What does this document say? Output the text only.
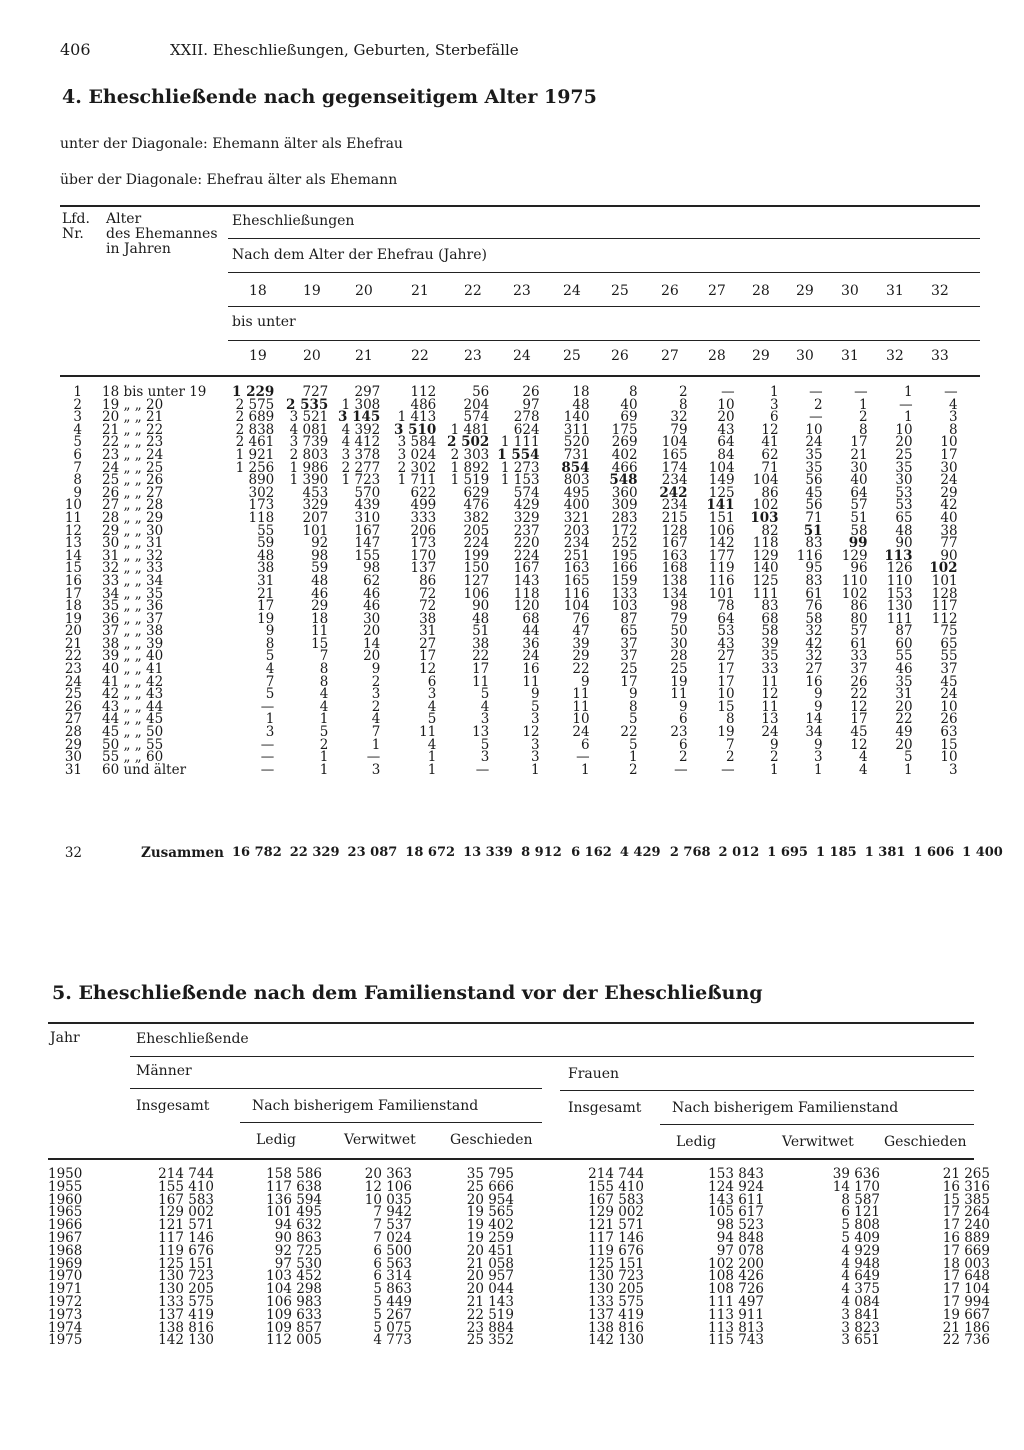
406	XXII. Eheschließungen, Geburten, Sterbefälle
4. Eheschließende nach gegenseitigem Alter 1975
unter der Diagonale: Ehemann älter als Ehefrau
über der Diagonale: Ehefrau älter als Ehemann
Lfd.
Nr.
Alter
des Ehemannes
in Jahren
Eheschließungen
Nach dem Alter der Ehefrau (Jahre)
18	19 20	21	22 23 24 25 26 27 28 29 30 31 32
bis unter
19	20 21	22	23 24 25 26 27 28 29 30 31 32 33
1	18 bis unter 19	1 229	727	297	112	56	26	18	8	2	—	1	—	—	1	—
2	19 „ „ 20	2 575	2 535	1 308	486	204	97	48	40	8	10	3	2	1	—	4
3	20 „ „ 21	2 689	3 521	3 145	1 413	574	278	140	69	32	20	6	—	2	1	3
4	21 „ „ 22	2 838	4 081	4 392	3 510	1 481	624	311	175	79	43	12	10	8	10	8
5	22 „ „ 23	2 461	3 739	4 412	3 584	2 502	1 111	520	269	104	64	41	24	17	20	10
6	23 „ „ 24	1 921	2 803	3 378	3 024	2 303	1 554	731	402	165	84	62	35	21	25	17
7	24 „ „ 25	1 256	1 986	2 277	2 302	1 892	1 273	854	466	174	104	71	35	30	35	30
8	25 „ „ 26	890	1 390	1 723	1 711	1 519	1 153	803	548	234	149	104	56	40	30	24
9	26 „ „ 27	302	453	570	622	629	574	495	360	242	125	86	45	64	53	29
10	27 „ „ 28	173	329	439	499	476	429	400	309	234	141	102	56	57	53	42
11	28 „ „ 29	118	207	310	333	382	329	321	283	215	151	103	71	51	65	40
12	29 „ „ 30	55	101	167	206	205	237	203	172	128	106	82	51	58	48	38
13	30 „ „ 31	59	92	147	173	224	220	234	252	167	142	118	83	99	90	77
14	31 „ „ 32	48	98	155	170	199	224	251	195	163	177	129	116	129	113	90
15	32 „ „ 33	38	59	98	137	150	167	163	166	168	119	140	95	96	126	102
16	33 „ „ 34	31	48	62	86	127	143	165	159	138	116	125	83	110	110	101
17	34 „ „ 35	21	46	46	72	106	118	116	133	134	101	111	61	102	153	128
18	35 „ „ 36	17	29	46	72	90	120	104	103	98	78	83	76	86	130	117
19	36 „ „ 37	19	18	30	38	48	68	76	87	79	64	68	58	80	111	112
20	37 „ „ 38	9	11	20	31	51	44	47	65	50	53	58	32	57	87	75
21	38 „ „ 39	8	15	14	27	38	36	39	37	30	43	39	42	61	60	65
22	39 „ „ 40	5	7	20	17	22	24	29	37	28	27	35	32	33	55	55
23	40 „ „ 41	4	8	9	12	17	16	22	25	25	17	33	27	37	46	37
24	41 „ „ 42	7	8	2	6	11	11	9	17	19	17	11	16	26	35	45
25	42 „ „ 43	5	4	3	3	5	9	11	9	11	10	12	9	22	31	24
26	43 „ „ 44	—	4	2	4	4	5	11	8	9	15	11	9	12	20	10
27	44 „ „ 45	1	1	4	5	3	3	10	5	6	8	13	14	17	22	26
28	45 „ „ 50	3	5	7	11	13	12	24	22	23	19	24	34	45	49	63
29	50 „ „ 55	—	2	1	4	5	3	6	5	6	7	9	9	12	20	15
30	55 „ „ 60	—	1	—	1	3	3	—	1	2	2	2	3	4	5	10
31	60 und älter	—	1	3	1	—	1	1	2	—	—	1	1	4	1	3
32	Zusammen	16 782	22 329	23 087	18 672	13 339	8 912	6 162	4 429	2 768	2 012	1 695	1 185	1 381	1 606	1 400
5. Eheschließende nach dem Familienstand vor der Eheschließung
Jahr	Eheschließende
Männer	Frauen
Insgesamt	Nach bisherigem Familienstand	Insgesamt Nach bisherigem Familienstand
Ledig	Verwitwet Geschieden	Ledig	Verwitwet Geschieden
1950	214 744	158 586	20 363	35 795	214 744	153 843	39 636	21 265
1955	155 410	117 638	12 106	25 666	155 410	124 924	14 170	16 316
1960	167 583	136 594	10 035	20 954	167 583	143 611	8 587	15 385
1965	129 002	101 495	7 942	19 565	129 002	105 617	6 121	17 264
1966	121 571	94 632	7 537	19 402	121 571	98 523	5 808	17 240
1967	117 146	90 863	7 024	19 259	117 146	94 848	5 409	16 889
1968	119 676	92 725	6 500	20 451	119 676	97 078	4 929	17 669
1969	125 151	97 530	6 563	21 058	125 151	102 200	4 948	18 003
1970	130 723	103 452	6 314	20 957	130 723	108 426	4 649	17 648
1971	130 205	104 298	5 863	20 044	130 205	108 726	4 375	17 104
1972	133 575	106 983	5 449	21 143	133 575	111 497	4 084	17 994
1973	137 419	109 633	5 267	22 519	137 419	113 911	3 841	19 667
1974	138 816	109 857	5 075	23 884	138 816	113 813	3 823	21 186
1975	142 130	112 005	4 773	25 352	142 130	115 743	3 651	22 736
